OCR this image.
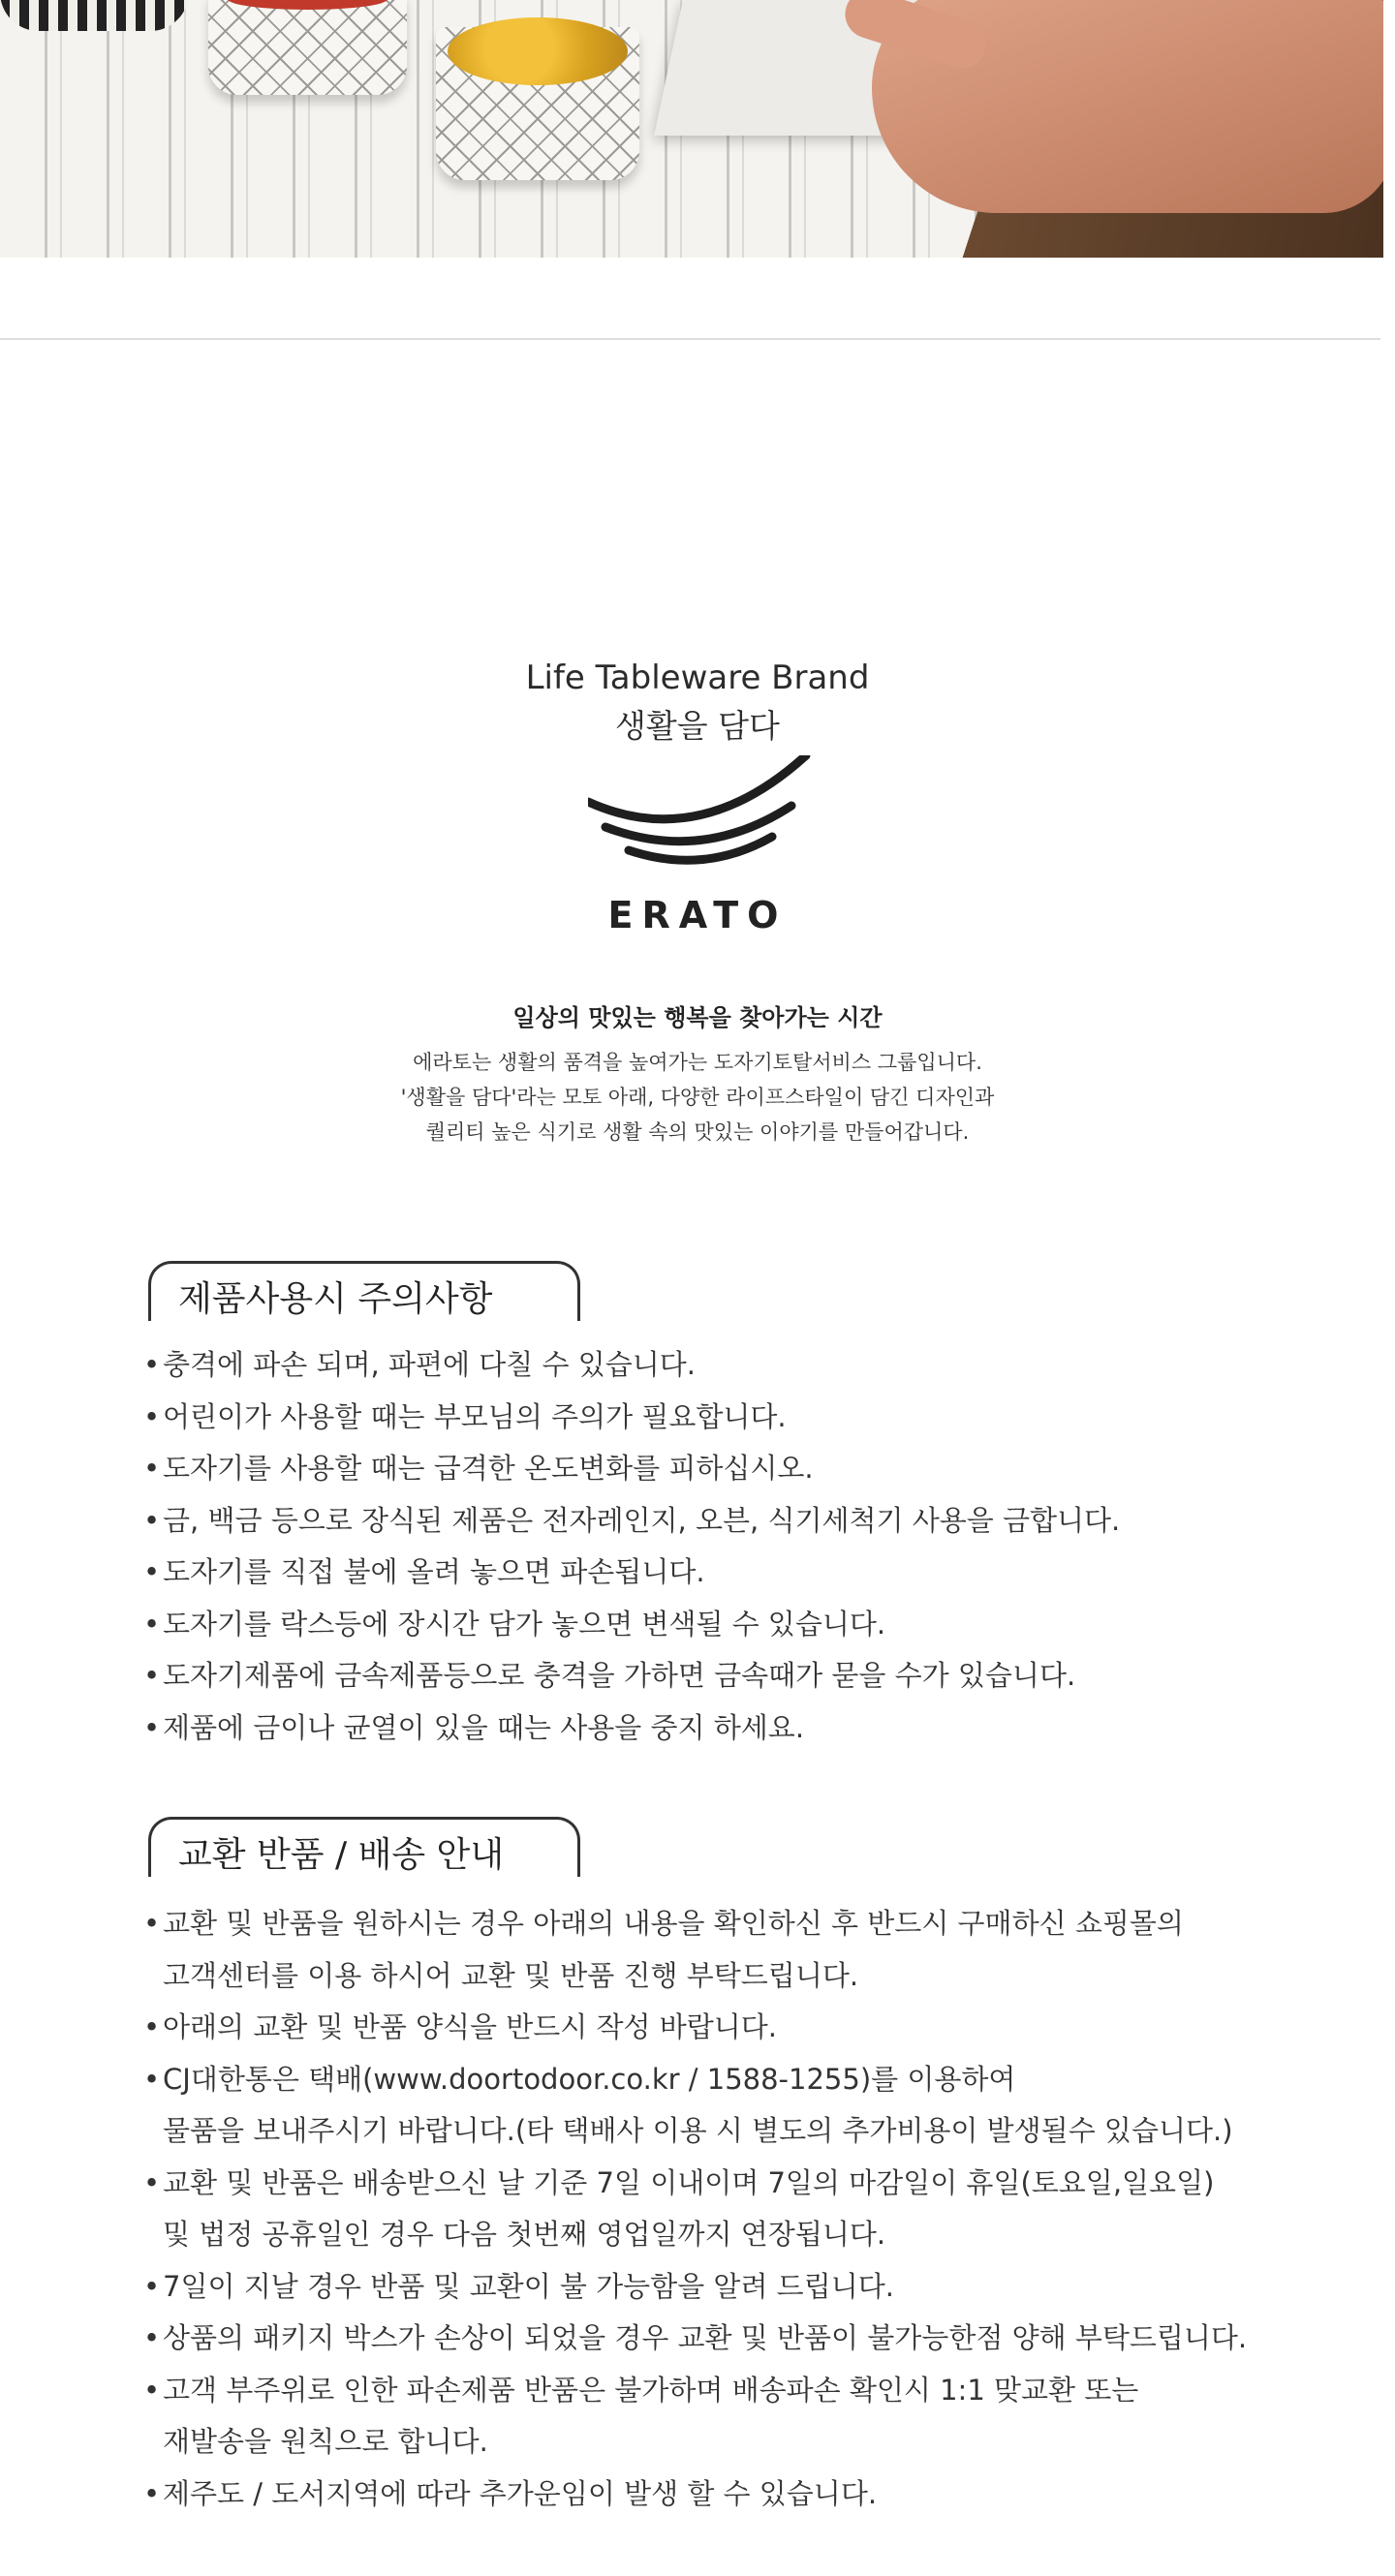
Life Tableware Brand
생활을 담다
ERATO
일상의 맛있는 행복을 찾아가는 시간
에라토는 생활의 품격을 높여가는 도자기토탈서비스 그룹입니다.
'생활을 담다'라는 모토 아래, 다양한 라이프스타일이 담긴 디자인과
퀄리티 높은 식기로 생활 속의 맛있는 이야기를 만들어갑니다.
제품사용시 주의사항
• 충격에 파손 되며, 파편에 다칠 수 있습니다.
• 어린이가 사용할 때는 부모님의 주의가 필요합니다.
• 도자기를 사용할 때는 급격한 온도변화를 피하십시오.
• 금, 백금 등으로 장식된 제품은 전자레인지, 오븐, 식기세척기 사용을 금합니다.
• 도자기를 직접 불에 올려 놓으면 파손됩니다.
• 도자기를 락스등에 장시간 담가 놓으면 변색될 수 있습니다.
• 도자기제품에 금속제품등으로 충격을 가하면 금속때가 묻을 수가 있습니다.
• 제품에 금이나 균열이 있을 때는 사용을 중지 하세요.
교환 반품 / 배송 안내
• 교환 및 반품을 원하시는 경우 아래의 내용을 확인하신 후 반드시 구매하신 쇼핑몰의
고객센터를 이용 하시어 교환 및 반품 진행 부탁드립니다.
• 아래의 교환 및 반품 양식을 반드시 작성 바랍니다.
• CJ대한통은 택배(www.doortodoor.co.kr / 1588-1255)를 이용하여
물품을 보내주시기 바랍니다.(타 택배사 이용 시 별도의 추가비용이 발생될수 있습니다.)
• 교환 및 반품은 배송받으신 날 기준 7일 이내이며 7일의 마감일이 휴일(토요일,일요일)
및 법정 공휴일인 경우 다음 첫번째 영업일까지 연장됩니다.
• 7일이 지날 경우 반품 및 교환이 불 가능함을 알려 드립니다.
• 상품의 패키지 박스가 손상이 되었을 경우 교환 및 반품이 불가능한점 양해 부탁드립니다.
• 고객 부주위로 인한 파손제품 반품은 불가하며 배송파손 확인시 1:1 맞교환 또는
재발송을 원칙으로 합니다.
• 제주도 / 도서지역에 따라 추가운임이 발생 할 수 있습니다.
